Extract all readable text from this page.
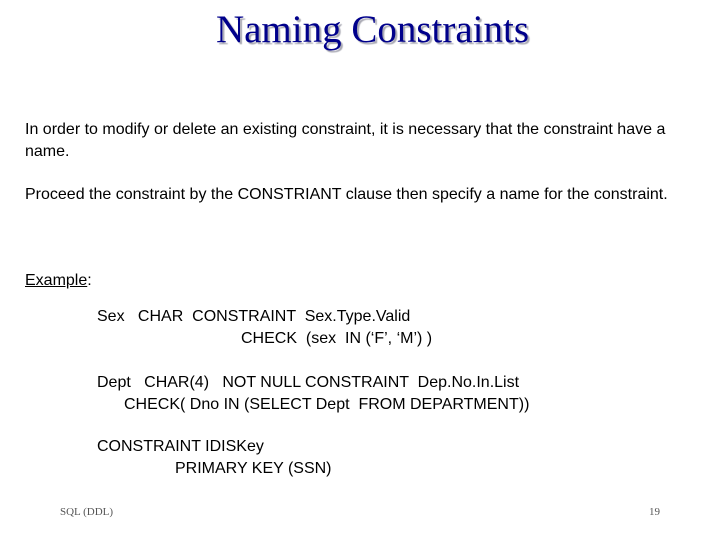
Naming Constraints

In order to modify or delete an existing constraint, it is necessary that the constraint have a name.

Proceed the constraint by the CONSTRIANT clause then specify a name for the constraint.

Example:

Sex   CHAR  CONSTRAINT  Sex.Type.Valid
CHECK  (sex  IN (‘F’, ‘M’) )
Dept   CHAR(4)   NOT NULL CONSTRAINT  Dep.No.In.List
CHECK( Dno IN (SELECT Dept  FROM DEPARTMENT))
CONSTRAINT IDISKey
PRIMARY KEY (SSN)
SQL (DDL)	19
